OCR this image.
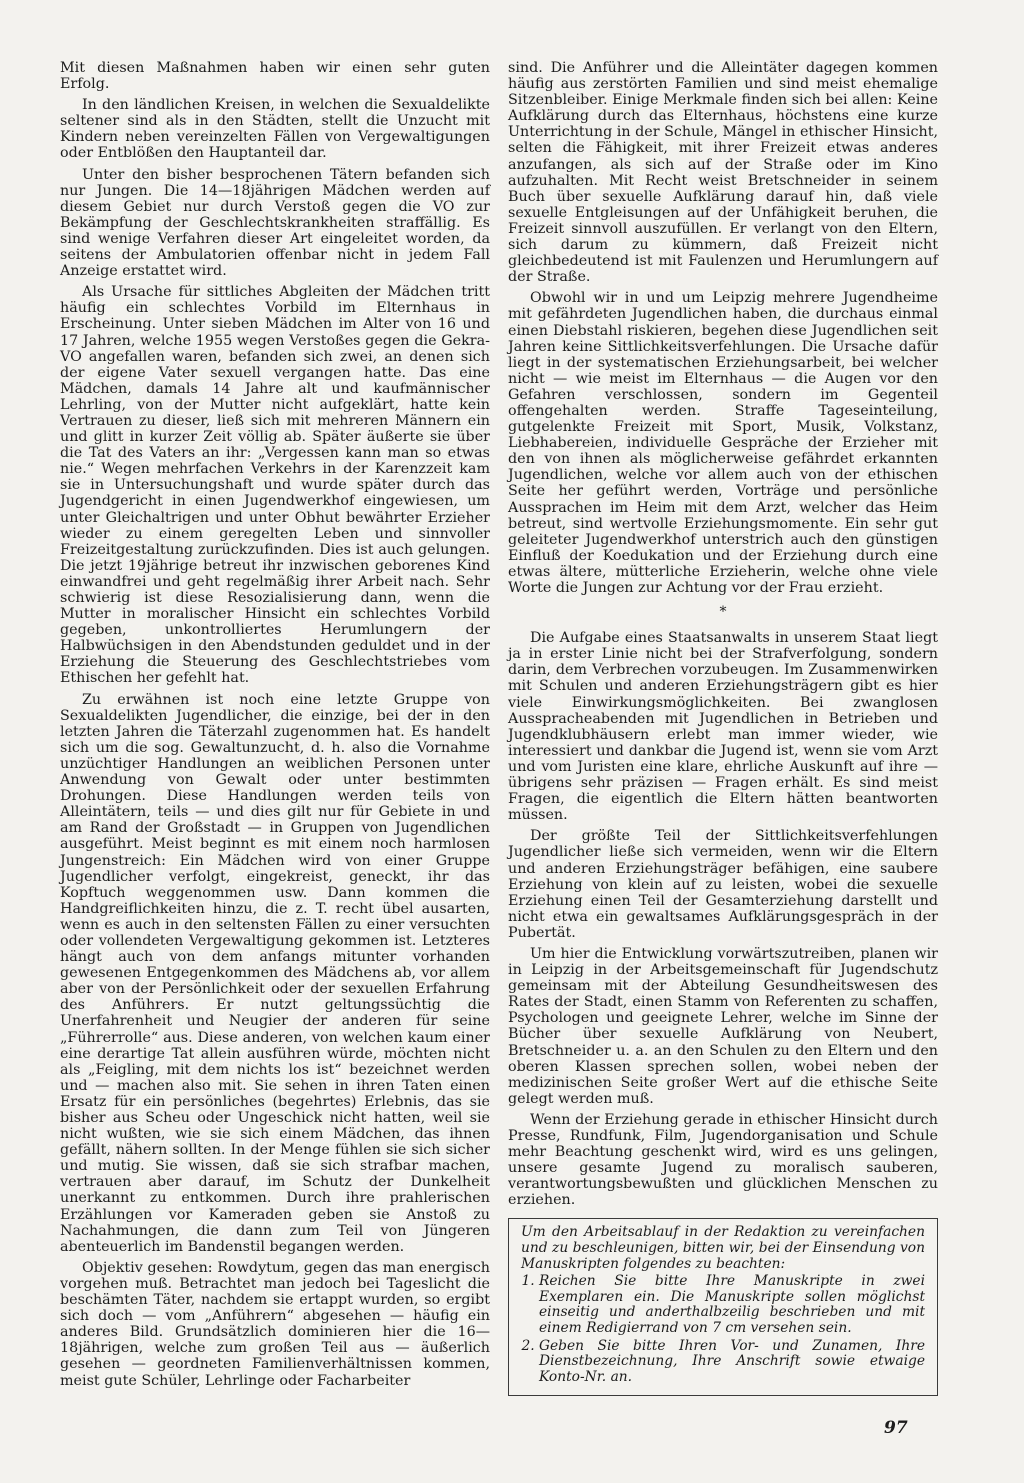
Mit diesen Maßnahmen haben wir einen sehr guten Erfolg.

In den ländlichen Kreisen, in welchen die Sexualdelikte seltener sind als in den Städten, stellt die Unzucht mit Kindern neben vereinzelten Fällen von Vergewaltigungen oder Entblößen den Hauptanteil dar.

Unter den bisher besprochenen Tätern befanden sich nur Jungen. Die 14—18jährigen Mädchen werden auf diesem Gebiet nur durch Verstoß gegen die VO zur Bekämpfung der Geschlechtskrankheiten straffällig. Es sind wenige Verfahren dieser Art eingeleitet worden, da seitens der Ambulatorien offenbar nicht in jedem Fall Anzeige erstattet wird.

Als Ursache für sittliches Abgleiten der Mädchen tritt häufig ein schlechtes Vorbild im Elternhaus in Erscheinung. Unter sieben Mädchen im Alter von 16 und 17 Jahren, welche 1955 wegen Verstoßes gegen die Gekra-VO angefallen waren, befanden sich zwei, an denen sich der eigene Vater sexuell vergangen hatte. Das eine Mädchen, damals 14 Jahre alt und kaufmännischer Lehrling, von der Mutter nicht aufgeklärt, hatte kein Vertrauen zu dieser, ließ sich mit mehreren Männern ein und glitt in kurzer Zeit völlig ab. Später äußerte sie über die Tat des Vaters an ihr: „Vergessen kann man so etwas nie.“ Wegen mehrfachen Verkehrs in der Karenzzeit kam sie in Untersuchungshaft und wurde später durch das Jugendgericht in einen Jugendwerkhof eingewiesen, um unter Gleichaltrigen und unter Obhut bewährter Erzieher wieder zu einem geregelten Leben und sinnvoller Freizeitgestaltung zurückzufinden. Dies ist auch gelungen. Die jetzt 19jährige betreut ihr inzwischen geborenes Kind einwandfrei und geht regelmäßig ihrer Arbeit nach. Sehr schwierig ist diese Resozialisierung dann, wenn die Mutter in moralischer Hinsicht ein schlechtes Vorbild gegeben, unkontrolliertes Herumlungern der Halbwüchsigen in den Abendstunden geduldet und in der Erziehung die Steuerung des Geschlechtstriebes vom Ethischen her gefehlt hat.

Zu erwähnen ist noch eine letzte Gruppe von Sexualdelikten Jugendlicher, die einzige, bei der in den letzten Jahren die Täterzahl zugenommen hat. Es handelt sich um die sog. Gewaltunzucht, d. h. also die Vornahme unzüchtiger Handlungen an weiblichen Personen unter Anwendung von Gewalt oder unter bestimmten Drohungen. Diese Handlungen werden teils von Alleintätern, teils — und dies gilt nur für Gebiete in und am Rand der Großstadt — in Gruppen von Jugendlichen ausgeführt. Meist beginnt es mit einem noch harmlosen Jungenstreich: Ein Mädchen wird von einer Gruppe Jugendlicher verfolgt, eingekreist, geneckt, ihr das Kopftuch weggenommen usw. Dann kommen die Handgreiflichkeiten hinzu, die z. T. recht übel ausarten, wenn es auch in den seltensten Fällen zu einer versuchten oder vollendeten Vergewaltigung gekommen ist. Letzteres hängt auch von dem anfangs mitunter vorhanden gewesenen Entgegenkommen des Mädchens ab, vor allem aber von der Persönlichkeit oder der sexuellen Erfahrung des Anführers. Er nutzt geltungssüchtig die Unerfahrenheit und Neugier der anderen für seine „Führerrolle“ aus. Diese anderen, von welchen kaum einer eine derartige Tat allein ausführen würde, möchten nicht als „Feigling, mit dem nichts los ist“ bezeichnet werden und — machen also mit. Sie sehen in ihren Taten einen Ersatz für ein persönliches (begehrtes) Erlebnis, das sie bisher aus Scheu oder Ungeschick nicht hatten, weil sie nicht wußten, wie sie sich einem Mädchen, das ihnen gefällt, nähern sollten. In der Menge fühlen sie sich sicher und mutig. Sie wissen, daß sie sich strafbar machen, vertrauen aber darauf, im Schutz der Dunkelheit unerkannt zu entkommen. Durch ihre prahlerischen Erzählungen vor Kameraden geben sie Anstoß zu Nachahmungen, die dann zum Teil von Jüngeren abenteuerlich im Bandenstil begangen werden.

Objektiv gesehen: Rowdytum, gegen das man energisch vorgehen muß. Betrachtet man jedoch bei Tageslicht die beschämten Täter, nachdem sie ertappt wurden, so ergibt sich doch — vom „Anführern“ abgesehen — häufig ein anderes Bild. Grundsätzlich dominieren hier die 16—18jährigen, welche zum großen Teil aus — äußerlich gesehen — geordneten Familienverhältnissen kommen, meist gute Schüler, Lehrlinge oder Facharbeiter

sind. Die Anführer und die Alleintäter dagegen kommen häufig aus zerstörten Familien und sind meist ehemalige Sitzenbleiber. Einige Merkmale finden sich bei allen: Keine Aufklärung durch das Elternhaus, höchstens eine kurze Unterrichtung in der Schule, Mängel in ethischer Hinsicht, selten die Fähigkeit, mit ihrer Freizeit etwas anderes anzufangen, als sich auf der Straße oder im Kino aufzuhalten. Mit Recht weist Bretschneider in seinem Buch über sexuelle Aufklärung darauf hin, daß viele sexuelle Entgleisungen auf der Unfähigkeit beruhen, die Freizeit sinnvoll auszufüllen. Er verlangt von den Eltern, sich darum zu kümmern, daß Freizeit nicht gleichbedeutend ist mit Faulenzen und Herumlungern auf der Straße.

Obwohl wir in und um Leipzig mehrere Jugendheime mit gefährdeten Jugendlichen haben, die durchaus einmal einen Diebstahl riskieren, begehen diese Jugendlichen seit Jahren keine Sittlichkeitsverfehlungen. Die Ursache dafür liegt in der systematischen Erziehungsarbeit, bei welcher nicht — wie meist im Elternhaus — die Augen vor den Gefahren verschlossen, sondern im Gegenteil offengehalten werden. Straffe Tageseinteilung, gutgelenkte Freizeit mit Sport, Musik, Volkstanz, Liebhabereien, individuelle Gespräche der Erzieher mit den von ihnen als möglicherweise gefährdet erkannten Jugendlichen, welche vor allem auch von der ethischen Seite her geführt werden, Vorträge und persönliche Aussprachen im Heim mit dem Arzt, welcher das Heim betreut, sind wertvolle Erziehungsmomente. Ein sehr gut geleiteter Jugendwerkhof unterstrich auch den günstigen Einfluß der Koedukation und der Erziehung durch eine etwas ältere, mütterliche Erzieherin, welche ohne viele Worte die Jungen zur Achtung vor der Frau erzieht.

*

Die Aufgabe eines Staatsanwalts in unserem Staat liegt ja in erster Linie nicht bei der Strafverfolgung, sondern darin, dem Verbrechen vorzubeugen. Im Zusammenwirken mit Schulen und anderen Erziehungsträgern gibt es hier viele Einwirkungsmöglichkeiten. Bei zwanglosen Ausspracheabenden mit Jugendlichen in Betrieben und Jugendklubhäusern erlebt man immer wieder, wie interessiert und dankbar die Jugend ist, wenn sie vom Arzt und vom Juristen eine klare, ehrliche Auskunft auf ihre — übrigens sehr präzisen — Fragen erhält. Es sind meist Fragen, die eigentlich die Eltern hätten beantworten müssen.

Der größte Teil der Sittlichkeitsverfehlungen Jugendlicher ließe sich vermeiden, wenn wir die Eltern und anderen Erziehungsträger befähigen, eine saubere Erziehung von klein auf zu leisten, wobei die sexuelle Erziehung einen Teil der Gesamterziehung darstellt und nicht etwa ein gewaltsames Aufklärungsgespräch in der Pubertät.

Um hier die Entwicklung vorwärtszutreiben, planen wir in Leipzig in der Arbeitsgemeinschaft für Jugendschutz gemeinsam mit der Abteilung Gesundheitswesen des Rates der Stadt, einen Stamm von Referenten zu schaffen, Psychologen und geeignete Lehrer, welche im Sinne der Bücher über sexuelle Aufklärung von Neubert, Bretschneider u. a. an den Schulen zu den Eltern und den oberen Klassen sprechen sollen, wobei neben der medizinischen Seite großer Wert auf die ethische Seite gelegt werden muß.

Wenn der Erziehung gerade in ethischer Hinsicht durch Presse, Rundfunk, Film, Jugendorganisation und Schule mehr Beachtung geschenkt wird, wird es uns gelingen, unsere gesamte Jugend zu moralisch sauberen, verantwortungsbewußten und glücklichen Menschen zu erziehen.

Um den Arbeitsablauf in der Redaktion zu vereinfachen und zu beschleunigen, bitten wir, bei der Einsendung von Manuskripten folgendes zu beachten:

1. Reichen Sie bitte Ihre Manuskripte in zwei Exemplaren ein. Die Manuskripte sollen möglichst einseitig und anderthalbzeilig beschrieben und mit einem Redigierrand von 7 cm versehen sein.
2. Geben Sie bitte Ihren Vor- und Zunamen, Ihre Dienstbezeichnung, Ihre Anschrift sowie etwaige Konto-Nr. an.
97
